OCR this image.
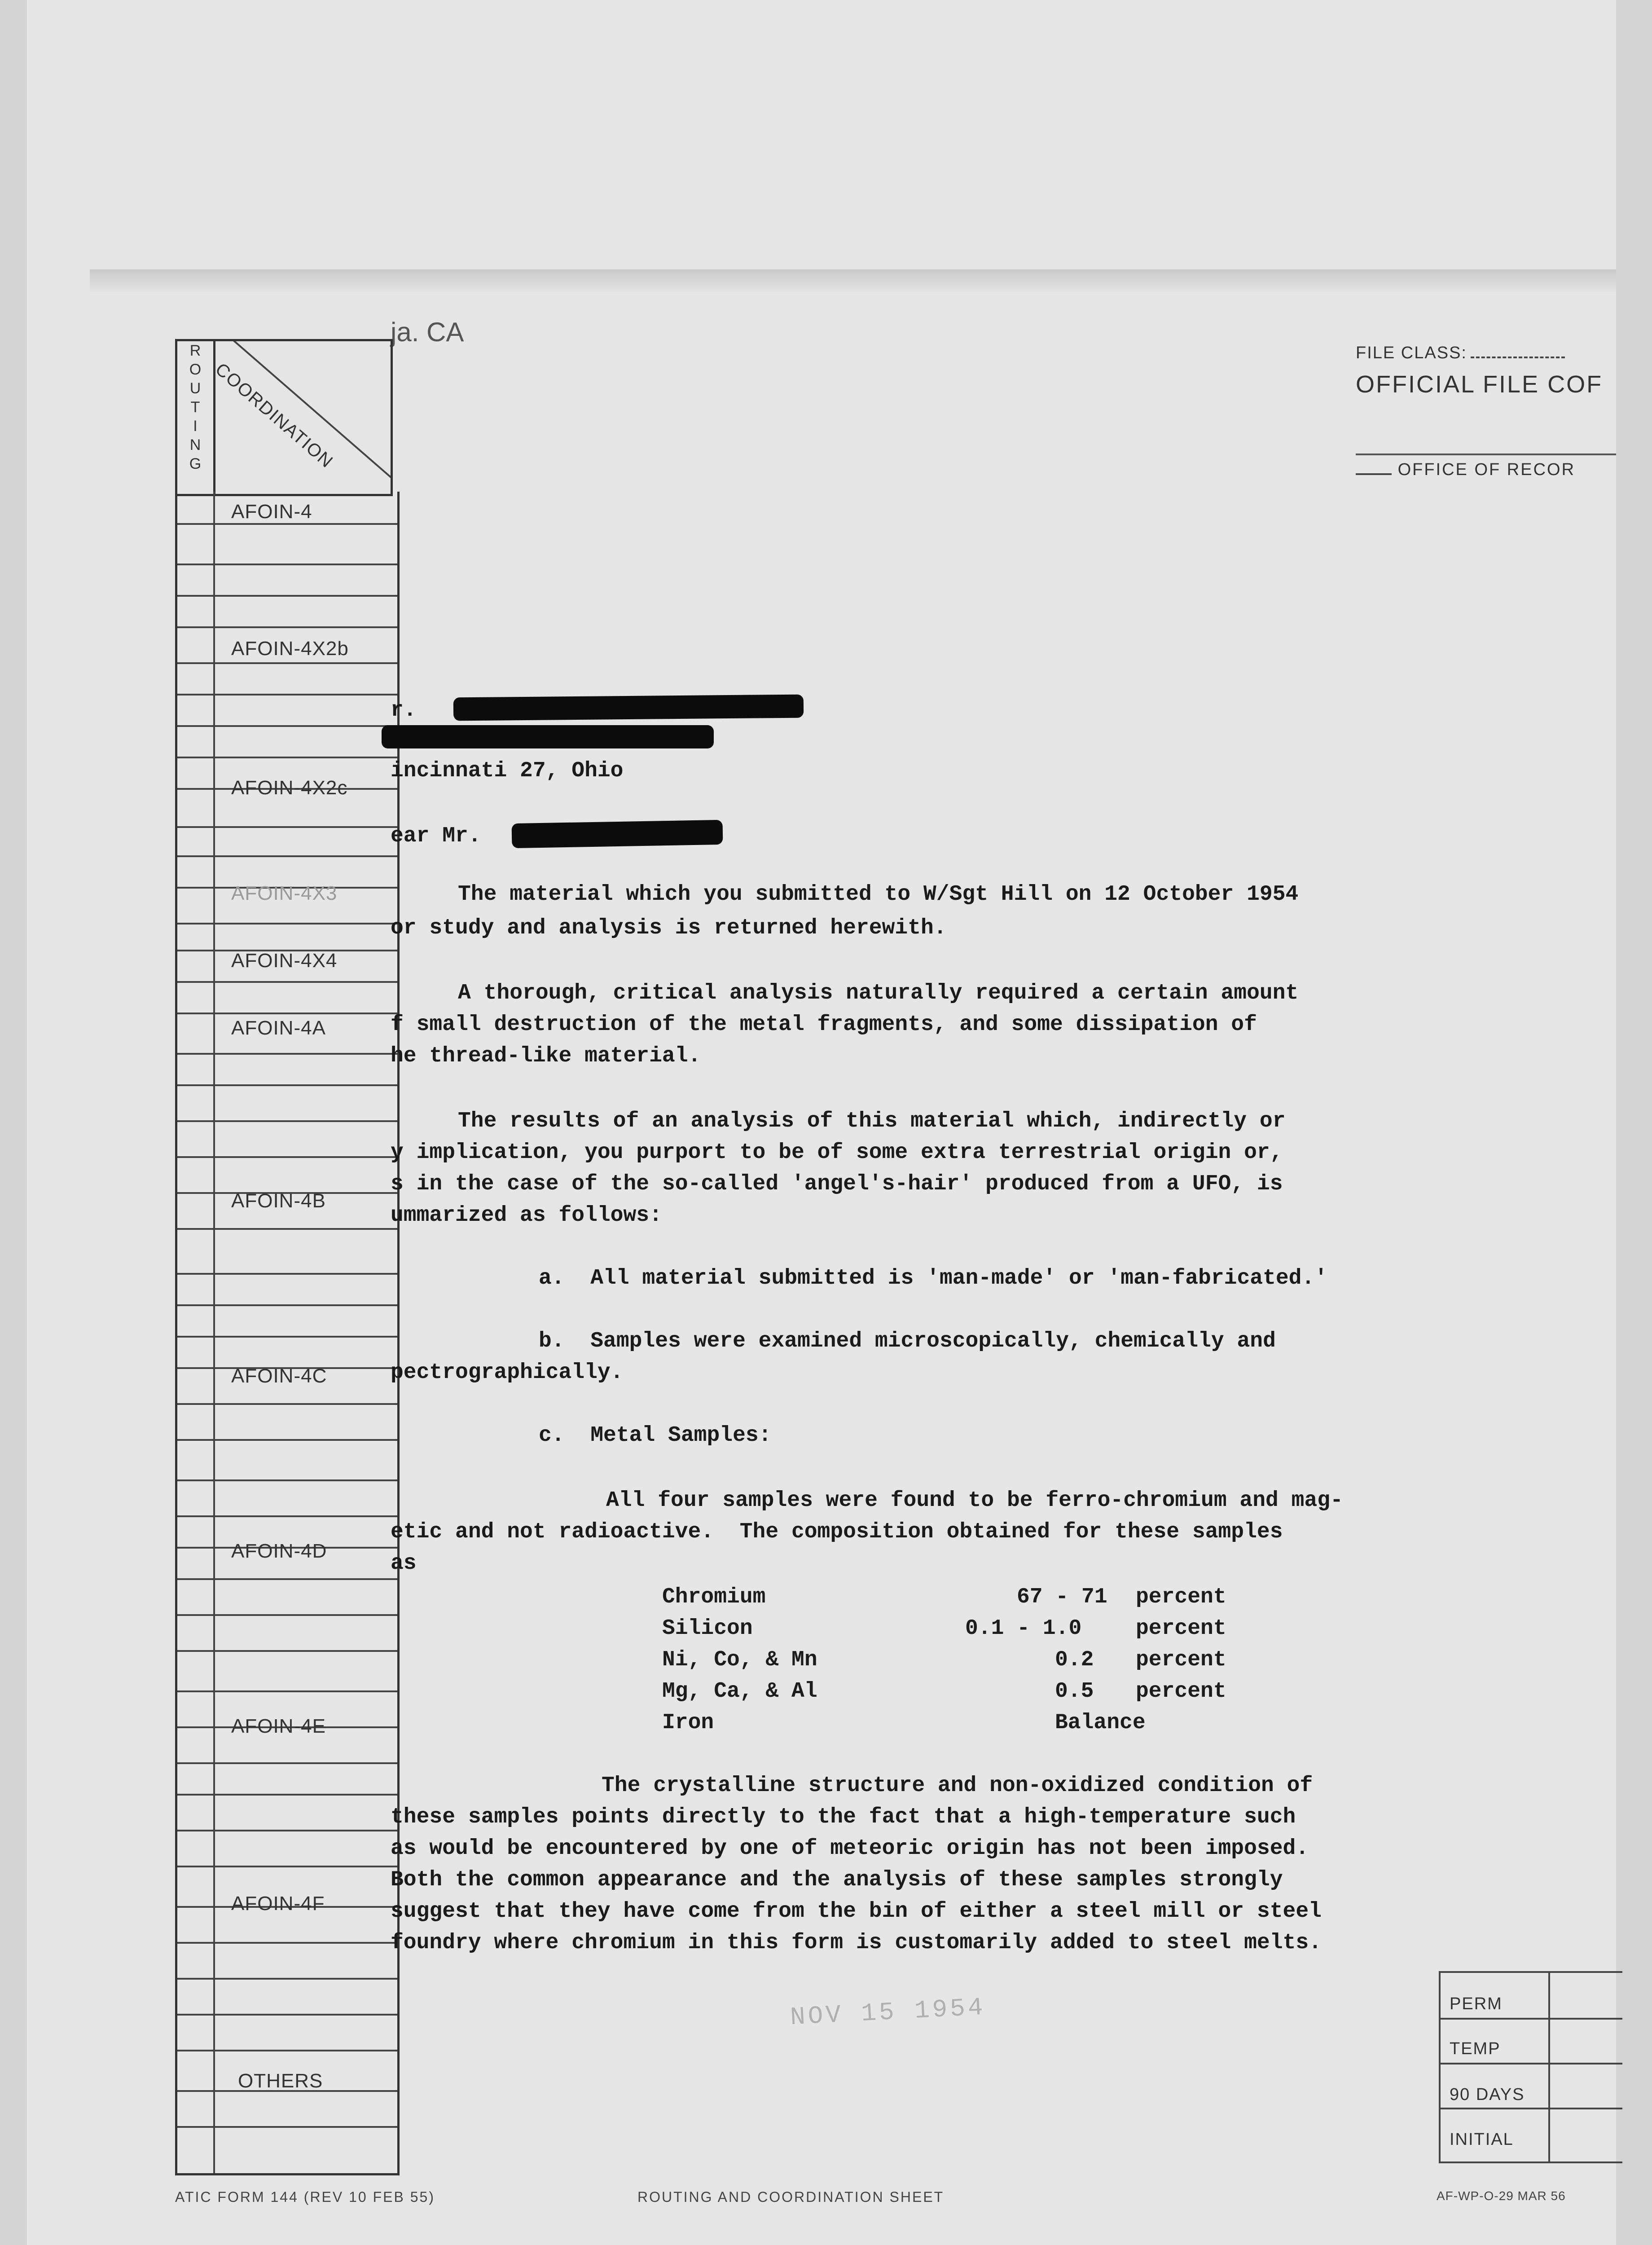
ja. CA
FILE CLASS:
OFFICIAL FILE COF
OFFICE OF RECOR
R
O
U
T
I
N
G COORDINATION
AFOIN-4
AFOIN-4X2b
AFOIN-4X2c
AFOIN-4X3
AFOIN-4X4
AFOIN-4A
AFOIN-4B
AFOIN-4C
AFOIN-4D
AFOIN-4E
AFOIN-4F
OTHERS
r.
incinnati 27, Ohio
ear Mr.
The material which you submitted to W/Sgt Hill on 12 October 1954
or study and analysis is returned herewith.
A thorough, critical analysis naturally required a certain amount
f small destruction of the metal fragments, and some dissipation of
he thread-like material.
The results of an analysis of this material which, indirectly or
y implication, you purport to be of some extra terrestrial origin or,
s in the case of the so-called 'angel's-hair' produced from a UFO, is
ummarized as follows:
a.  All material submitted is 'man-made' or 'man-fabricated.'
b.  Samples were examined microscopically, chemically and
pectrographically.
c.  Metal Samples:
All four samples were found to be ferro-chromium and mag-
etic and not radioactive.  The composition obtained for these samples
as
Chromium	67 - 71 percent
Silicon	0.1 - 1.0	percent
Ni, Co, & Mn	0.2 percent
Mg, Ca, & Al	0.5 percent
Iron	Balance
The crystalline structure and non-oxidized condition of
these samples points directly to the fact that a high-temperature such
as would be encountered by one of meteoric origin has not been imposed.
Both the common appearance and the analysis of these samples strongly
suggest that they have come from the bin of either a steel mill or steel
foundry where chromium in this form is customarily added to steel melts.
NOV 15 1954	PERM
TEMP
90 DAYS
INITIAL
ATIC FORM 144 (REV 10 FEB 55)	ROUTING AND COORDINATION SHEET	AF-WP-O-29 MAR 56
